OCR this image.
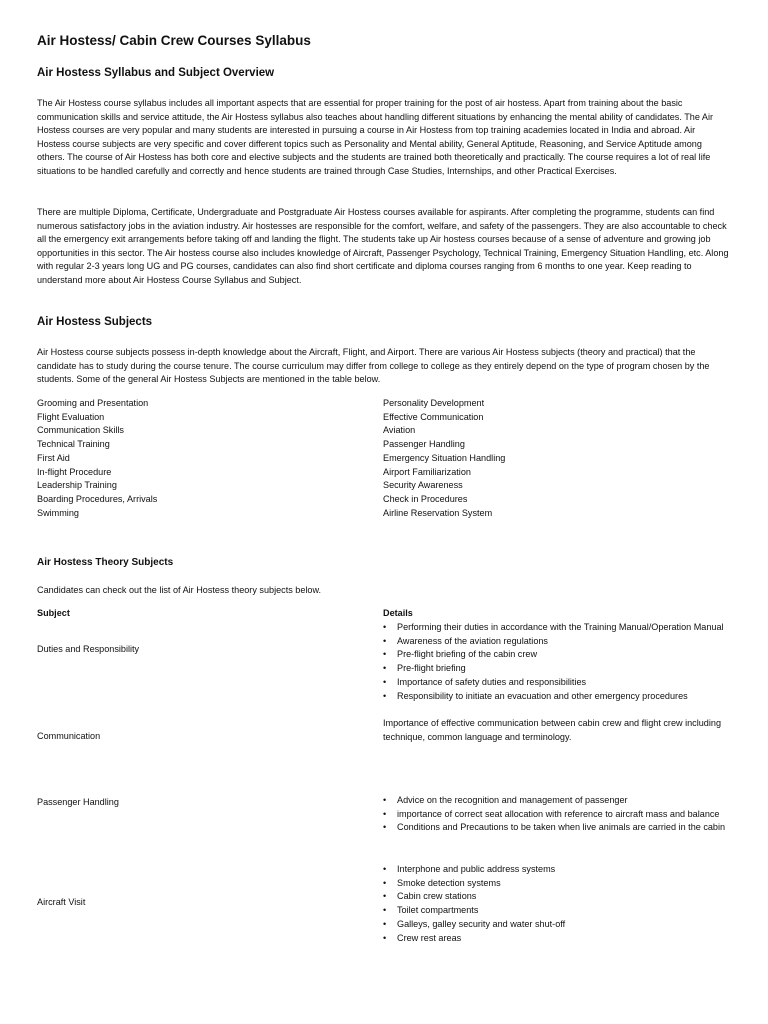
Air Hostess/ Cabin Crew Courses Syllabus
Air Hostess Syllabus and Subject Overview

The Air Hostess course syllabus includes all important aspects that are essential for proper training for the post of air hostess. Apart from training about the basic communication skills and service attitude, the Air Hostess syllabus also teaches about handling different situations by enhancing the mental ability of candidates. The Air Hostess courses are very popular and many students are interested in pursuing a course in Air Hostess from top training academies located in India and abroad. Air Hostess course subjects are very specific and cover different topics such as Personality and Mental ability, General Aptitude, Reasoning, and Service Aptitude among others. The course of Air Hostess has both core and elective subjects and the students are trained both theoretically and practically. The course requires a lot of real life situations to be handled carefully and correctly and hence students are trained through Case Studies, Internships, and other Practical Exercises.

There are multiple Diploma, Certificate, Undergraduate and Postgraduate Air Hostess courses available for aspirants. After completing the programme, students can find numerous satisfactory jobs in the aviation industry. Air hostesses are responsible for the comfort, welfare, and safety of the passengers. They are also accountable to check all the emergency exit arrangements before taking off and landing the flight. The students take up Air hostess courses because of a sense of adventure and growing job opportunities in this sector. The Air hostess course also includes knowledge of Aircraft, Passenger Psychology, Technical Training, Emergency Situation Handling, etc. Along with regular 2-3 years long UG and PG courses, candidates can also find short certificate and diploma courses ranging from 6 months to one year. Keep reading to understand more about Air Hostess Course Syllabus and Subject.

Air Hostess Subjects

Air Hostess course subjects possess in-depth knowledge about the Aircraft, Flight, and Airport. There are various Air Hostess subjects (theory and practical) that the candidate has to study during the course tenure. The course curriculum may differ from college to college as they entirely depend on the type of program chosen by the students. Some of the general Air Hostess Subjects are mentioned in the table below.

Grooming and Presentation
Flight Evaluation
Communication Skills
Technical Training
First Aid
In-flight Procedure
Leadership Training
Boarding Procedures, Arrivals
Swimming
Personality Development
Effective Communication
Aviation
Passenger Handling
Emergency Situation Handling
Airport Familiarization
Security Awareness
Check in Procedures
Airline Reservation System
Air Hostess Theory Subjects

Candidates can check out the list of Air Hostess theory subjects below.

Subject	Details
Duties and Responsibility
• Performing their duties in accordance with the Training Manual/Operation Manual
• Awareness of the aviation regulations
• Pre-flight briefing of the cabin crew
• Pre-flight briefing
• Importance of safety duties and responsibilities
• Responsibility to initiate an evacuation and other emergency procedures
Communication
Importance of effective communication between cabin crew and flight crew including technique, common language and terminology.
Passenger Handling
•	Advice on the recognition and management of passenger
• importance of correct seat allocation with reference to aircraft mass and balance
• Conditions and Precautions to be taken when live animals are carried in the cabin
Aircraft Visit
• Interphone and public address systems
• Smoke detection systems
• Cabin crew stations
• Toilet compartments
• Galleys, galley security and water shut-off
• Crew rest areas
